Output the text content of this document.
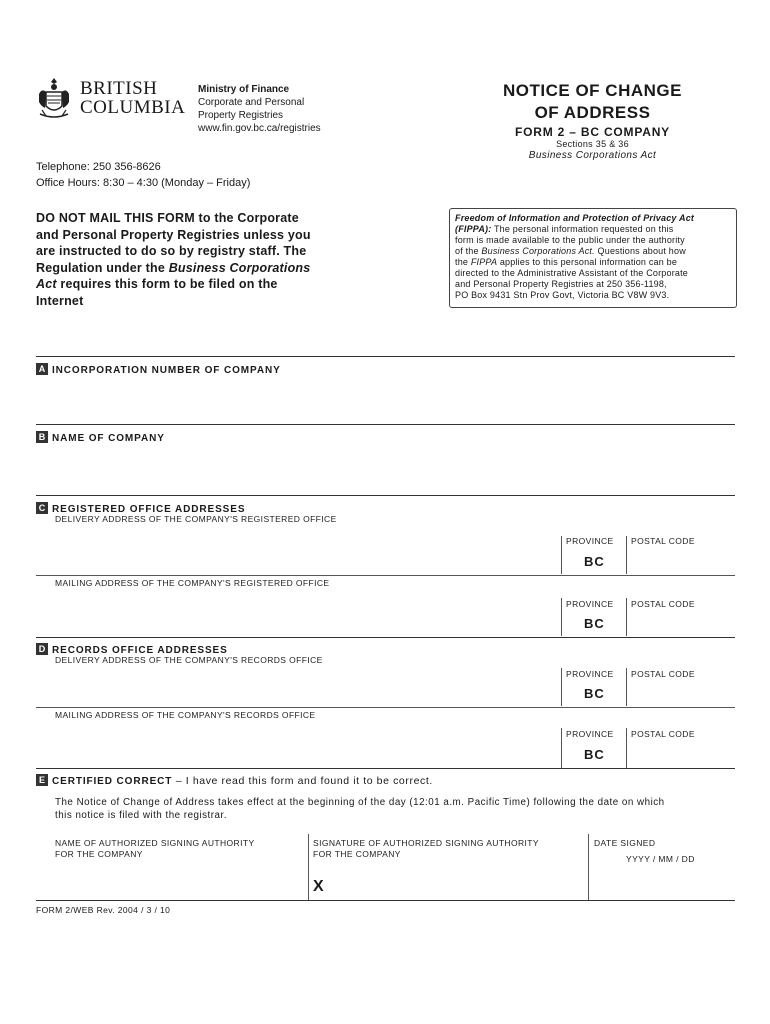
BRITISH
COLUMBIA
Ministry of Finance
Corporate and Personal
Property Registries
www.fin.gov.bc.ca/registries
NOTICE OF CHANGE
OF ADDRESS
FORM 2 – BC COMPANY
Sections 35 & 36
Business Corporations Act
Telephone: 250 356-8626
Office Hours: 8:30 – 4:30 (Monday – Friday)
DO NOT MAIL THIS FORM to the Corporate
and Personal Property Registries unless you
are instructed to do so by registry staff. The
Regulation under the Business Corporations
Act requires this form to be filed on the
Internet
Freedom of Information and Protection of Privacy Act
(FIPPA): The personal information requested on this
form is made available to the public under the authority
of the Business Corporations Act. Questions about how
the FIPPA applies to this personal information can be
directed to the Administrative Assistant of the Corporate
and Personal Property Registries at 250 356-1198,
PO Box 9431 Stn Prov Govt, Victoria BC V8W 9V3.
A INCORPORATION NUMBER OF COMPANY
B NAME OF COMPANY
C REGISTERED OFFICE ADDRESSES
DELIVERY ADDRESS OF THE COMPANY'S REGISTERED OFFICE
PROVINCE POSTAL CODE
BC
MAILING ADDRESS OF THE COMPANY'S REGISTERED OFFICE
PROVINCE POSTAL CODE
BC
D RECORDS OFFICE ADDRESSES
DELIVERY ADDRESS OF THE COMPANY'S RECORDS OFFICE
PROVINCE POSTAL CODE
BC
MAILING ADDRESS OF THE COMPANY'S RECORDS OFFICE
PROVINCE POSTAL CODE
BC
E CERTIFIED CORRECT – I have read this form and found it to be correct.
The Notice of Change of Address takes effect at the beginning of the day (12:01 a.m. Pacific Time) following the date on which
this notice is filed with the registrar.
NAME OF AUTHORIZED SIGNING AUTHORITY
FOR THE COMPANY
SIGNATURE OF AUTHORIZED SIGNING AUTHORITY
FOR THE COMPANY
X
DATE SIGNED
YYYY / MM / DD
FORM 2/WEB Rev. 2004 / 3 / 10
